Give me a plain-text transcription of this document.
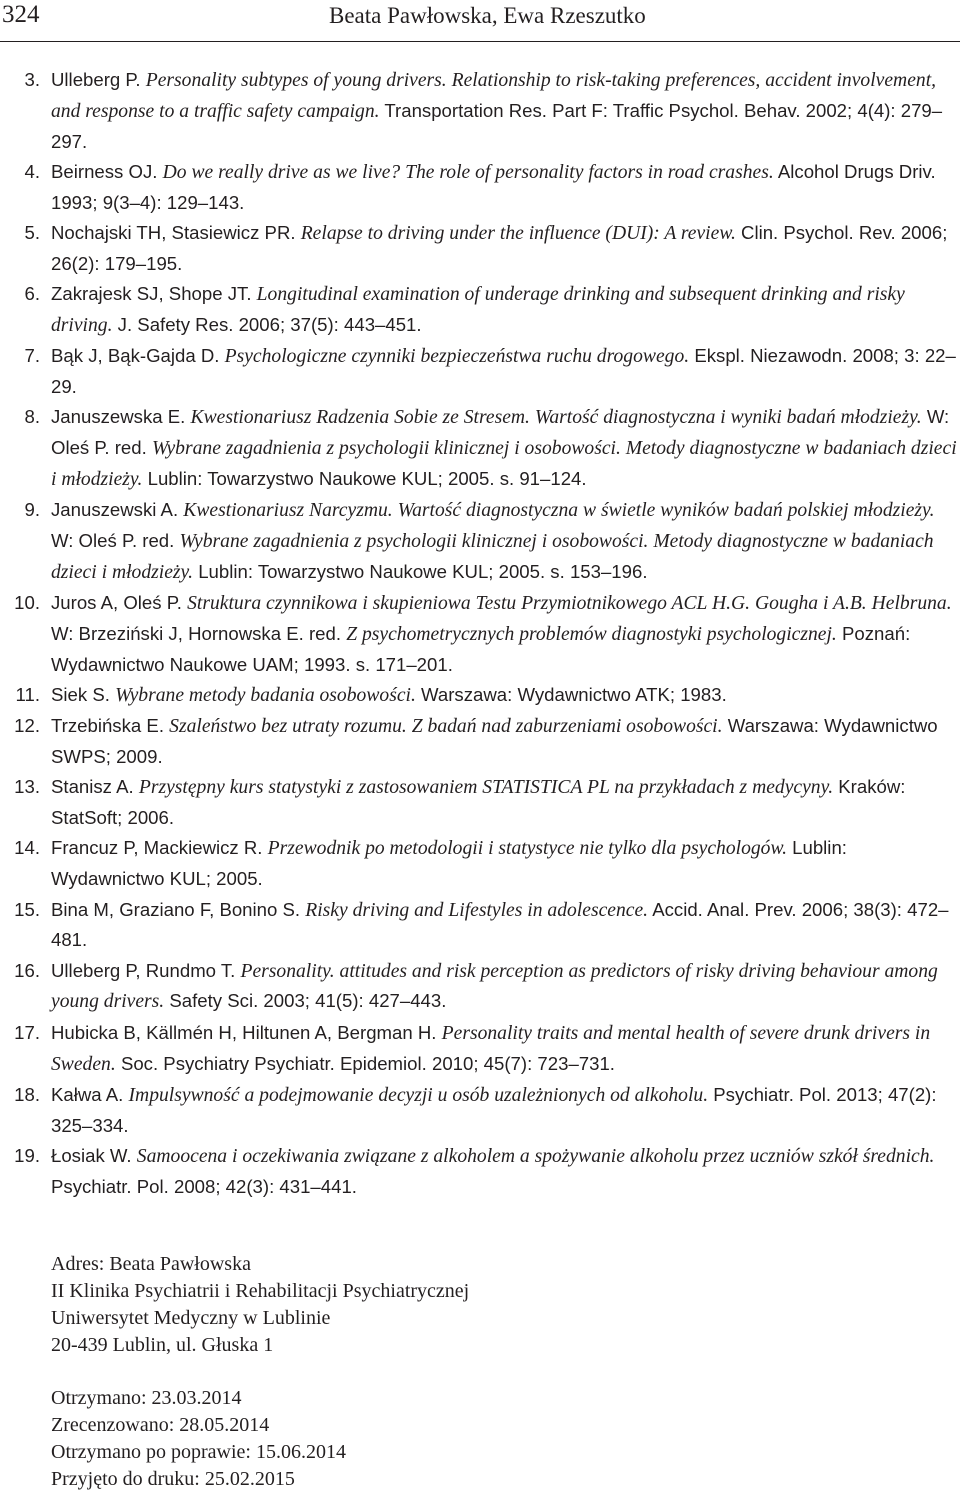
324	Beata Pawłowska, Ewa Rzeszutko
3. Ulleberg P. Personality subtypes of young drivers. Relationship to risk-taking preferences, accident involvement, and response to a traffic safety campaign. Transportation Res. Part F: Traffic Psychol. Behav. 2002; 4(4): 279–297.
4. Beirness OJ. Do we really drive as we live? The role of personality factors in road crashes. Alcohol Drugs Driv. 1993; 9(3–4): 129–143.
5. Nochajski TH, Stasiewicz PR. Relapse to driving under the influence (DUI): A review. Clin. Psychol. Rev. 2006; 26(2): 179–195.
6. Zakrajesk SJ, Shope JT. Longitudinal examination of underage drinking and subsequent drinking and risky driving. J. Safety Res. 2006; 37(5): 443–451.
7. Bąk J, Bąk-Gajda D. Psychologiczne czynniki bezpieczeństwa ruchu drogowego. Ekspl. Niezawodn. 2008; 3: 22–29.
8. Januszewska E. Kwestionariusz Radzenia Sobie ze Stresem. Wartość diagnostyczna i wyniki badań młodzieży. W: Oleś P. red. Wybrane zagadnienia z psychologii klinicznej i osobowości. Metody diagnostyczne w badaniach dzieci i młodzieży. Lublin: Towarzystwo Naukowe KUL; 2005. s. 91–124.
9. Januszewski A. Kwestionariusz Narcyzmu. Wartość diagnostyczna w świetle wyników badań polskiej młodzieży. W: Oleś P. red. Wybrane zagadnienia z psychologii klinicznej i osobowości. Metody diagnostyczne w badaniach dzieci i młodzieży. Lublin: Towarzystwo Naukowe KUL; 2005. s. 153–196.
10. Juros A, Oleś P. Struktura czynnikowa i skupieniowa Testu Przymiotnikowego ACL H.G. Gougha i A.B. Helbruna. W: Brzeziński J, Hornowska E. red. Z psychometrycznych problemów diagnostyki psychologicznej. Poznań: Wydawnictwo Naukowe UAM; 1993. s. 171–201.
11. Siek S. Wybrane metody badania osobowości. Warszawa: Wydawnictwo ATK; 1983.
12. Trzebińska E. Szaleństwo bez utraty rozumu. Z badań nad zaburzeniami osobowości. Warszawa: Wydawnictwo SWPS; 2009.
13. Stanisz A. Przystępny kurs statystyki z zastosowaniem STATISTICA PL na przykładach z medycyny. Kraków: StatSoft; 2006.
14. Francuz P, Mackiewicz R. Przewodnik po metodologii i statystyce nie tylko dla psychologów. Lublin: Wydawnictwo KUL; 2005.
15. Bina M, Graziano F, Bonino S. Risky driving and Lifestyles in adolescence. Accid. Anal. Prev. 2006; 38(3): 472–481.
16. Ulleberg P, Rundmo T. Personality. attitudes and risk perception as predictors of risky driving behaviour among young drivers. Safety Sci. 2003; 41(5): 427–443.
17. Hubicka B, Källmén H, Hiltunen A, Bergman H. Personality traits and mental health of severe drunk drivers in Sweden. Soc. Psychiatry Psychiatr. Epidemiol. 2010; 45(7): 723–731.
18. Kałwa A. Impulsywność a podejmowanie decyzji u osób uzależnionych od alkoholu. Psychiatr. Pol. 2013; 47(2): 325–334.
19. Łosiak W. Samoocena i oczekiwania związane z alkoholem a spożywanie alkoholu przez uczniów szkół średnich. Psychiatr. Pol. 2008; 42(3): 431–441.
Adres: Beata Pawłowska
II Klinika Psychiatrii i Rehabilitacji Psychiatrycznej
Uniwersytet Medyczny w Lublinie
20-439 Lublin, ul. Głuska 1
Otrzymano: 23.03.2014
Zrecenzowano: 28.05.2014
Otrzymano po poprawie: 15.06.2014
Przyjęto do druku: 25.02.2015
